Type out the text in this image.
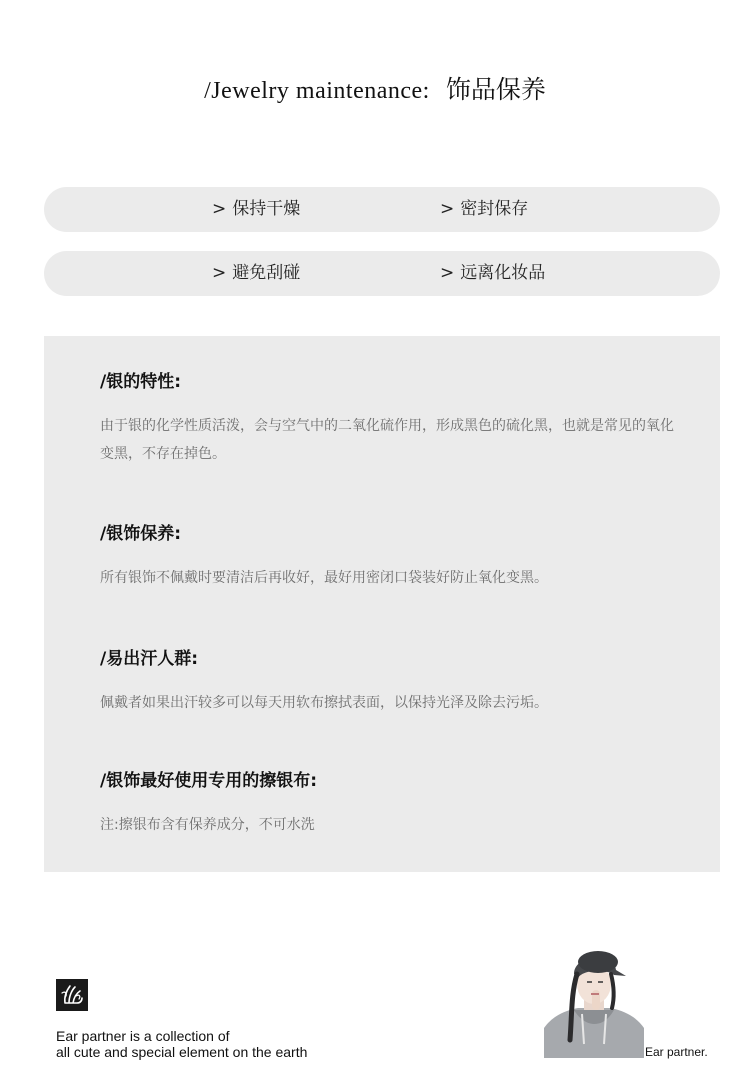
/Jewelry maintenance: 饰品保养
> 保持干燥	> 密封保存
> 避免刮碰	> 远离化妆品
/银的特性:

由于银的化学性质活泼，会与空气中的二氧化硫作用，形成黑色的硫化黑，也就是常见的氧化变黑，不存在掉色。

/银饰保养:

所有银饰不佩戴时要清洁后再收好，最好用密闭口袋装好防止氧化变黑。

/易出汗人群:

佩戴者如果出汗较多可以每天用软布擦拭表面，以保持光泽及除去污垢。

/银饰最好使用专用的擦银布:

注:擦银布含有保养成分，不可水洗

Ear partner is a collection of
all cute and special element on the earth	Ear partner.
